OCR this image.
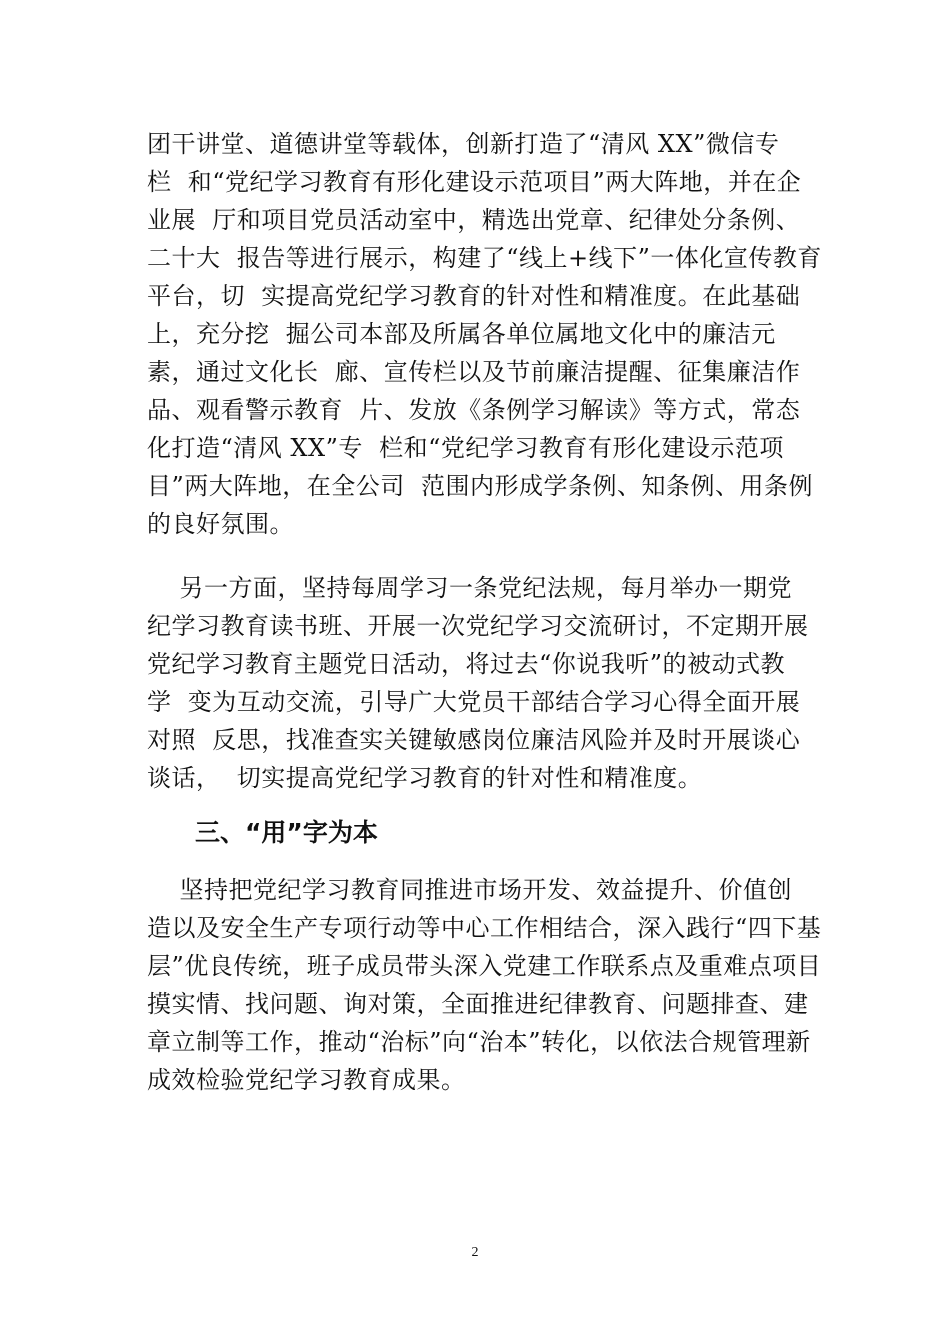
团干讲堂、道德讲堂等载体，创新打造了“清风 XX”微信专
栏  和“党纪学习教育有形化建设示范项目”两大阵地，并在企
业展  厅和项目党员活动室中，精选出党章、纪律处分条例、
二十大  报告等进行展示，构建了“线上+线下”一体化宣传教育
平台，切  实提高党纪学习教育的针对性和精准度。在此基础
上，充分挖  掘公司本部及所属各单位属地文化中的廉洁元
素，通过文化长  廊、宣传栏以及节前廉洁提醒、征集廉洁作
品、观看警示教育  片、发放《条例学习解读》等方式，常态
化打造“清风 XX”专  栏和“党纪学习教育有形化建设示范项
目”两大阵地，在全公司  范围内形成学条例、知条例、用条例
的良好氛围。
另一方面，坚持每周学习一条党纪法规，每月举办一期党
纪学习教育读书班、开展一次党纪学习交流研讨，不定期开展
党纪学习教育主题党日活动，将过去“你说我听”的被动式教
学  变为互动交流，引导广大党员干部结合学习心得全面开展
对照  反思，找准查实关键敏感岗位廉洁风险并及时开展谈心
谈话，  切实提高党纪学习教育的针对性和精准度。
三、“用”字为本
坚持把党纪学习教育同推进市场开发、效益提升、价值创
造以及安全生产专项行动等中心工作相结合，深入践行“四下基
层”优良传统，班子成员带头深入党建工作联系点及重难点项目
摸实情、找问题、询对策，全面推进纪律教育、问题排查、建
章立制等工作，推动“治标”向“治本”转化，以依法合规管理新
成效检验党纪学习教育成果。
2
